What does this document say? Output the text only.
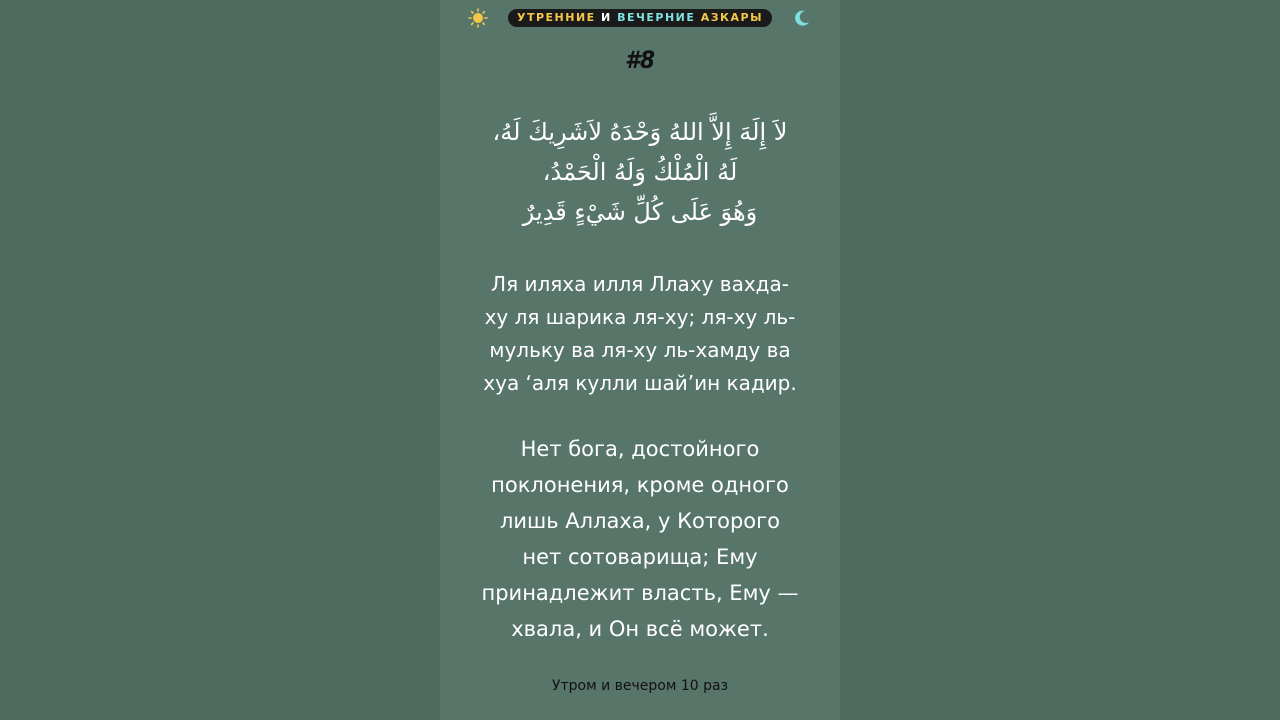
УТРЕННИЕ И ВЕЧЕРНИЕ АЗКАРЫ
#8
لاَ إِلَهَ إِلاَّ اللهُ وَحْدَهُ لاَشَرِيكَ لَهُ،
لَهُ الْمُلْكُ وَلَهُ الْحَمْدُ،
وَهُوَ عَلَى كُلِّ شَيْءٍ قَدِيرٌ
Ля иляха илля Ллаху вахда-
ху ля шарика ля-ху; ля-ху ль-
мульку ва ля-ху ль-хамду ва
хуа ‘аля кулли шай’ин кадир.
Нет бога, достойного
поклонения, кроме одного
лишь Аллаха, у Которого
нет сотоварища; Ему
принадлежит власть, Ему —
хвала, и Он всё может.
Утром и вечером 10 раз
